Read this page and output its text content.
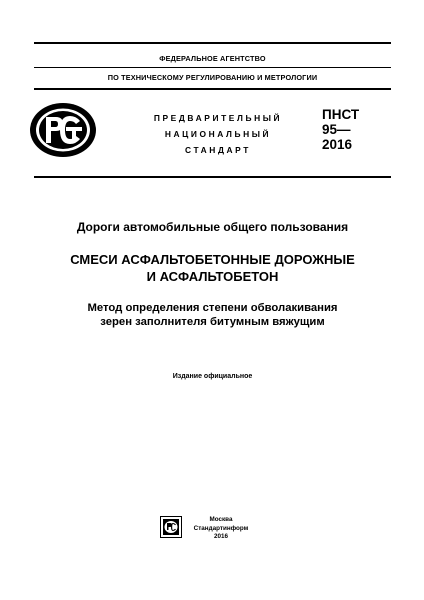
ФЕДЕРАЛЬНОЕ АГЕНТСТВО
ПО ТЕХНИЧЕСКОМУ РЕГУЛИРОВАНИЮ И МЕТРОЛОГИИ
ПРЕДВАРИТЕЛЬНЫЙ
НАЦИОНАЛЬНЫЙ
СТАНДАРТ
ПНСТ
95—
2016
Дороги автомобильные общего пользования
СМЕСИ АСФАЛЬТОБЕТОННЫЕ ДОРОЖНЫЕ
И АСФАЛЬТОБЕТОН
Метод определения степени обволакивания
зерен заполнителя битумным вяжущим
Издание официальное
Москва
Стандартинформ
2016
